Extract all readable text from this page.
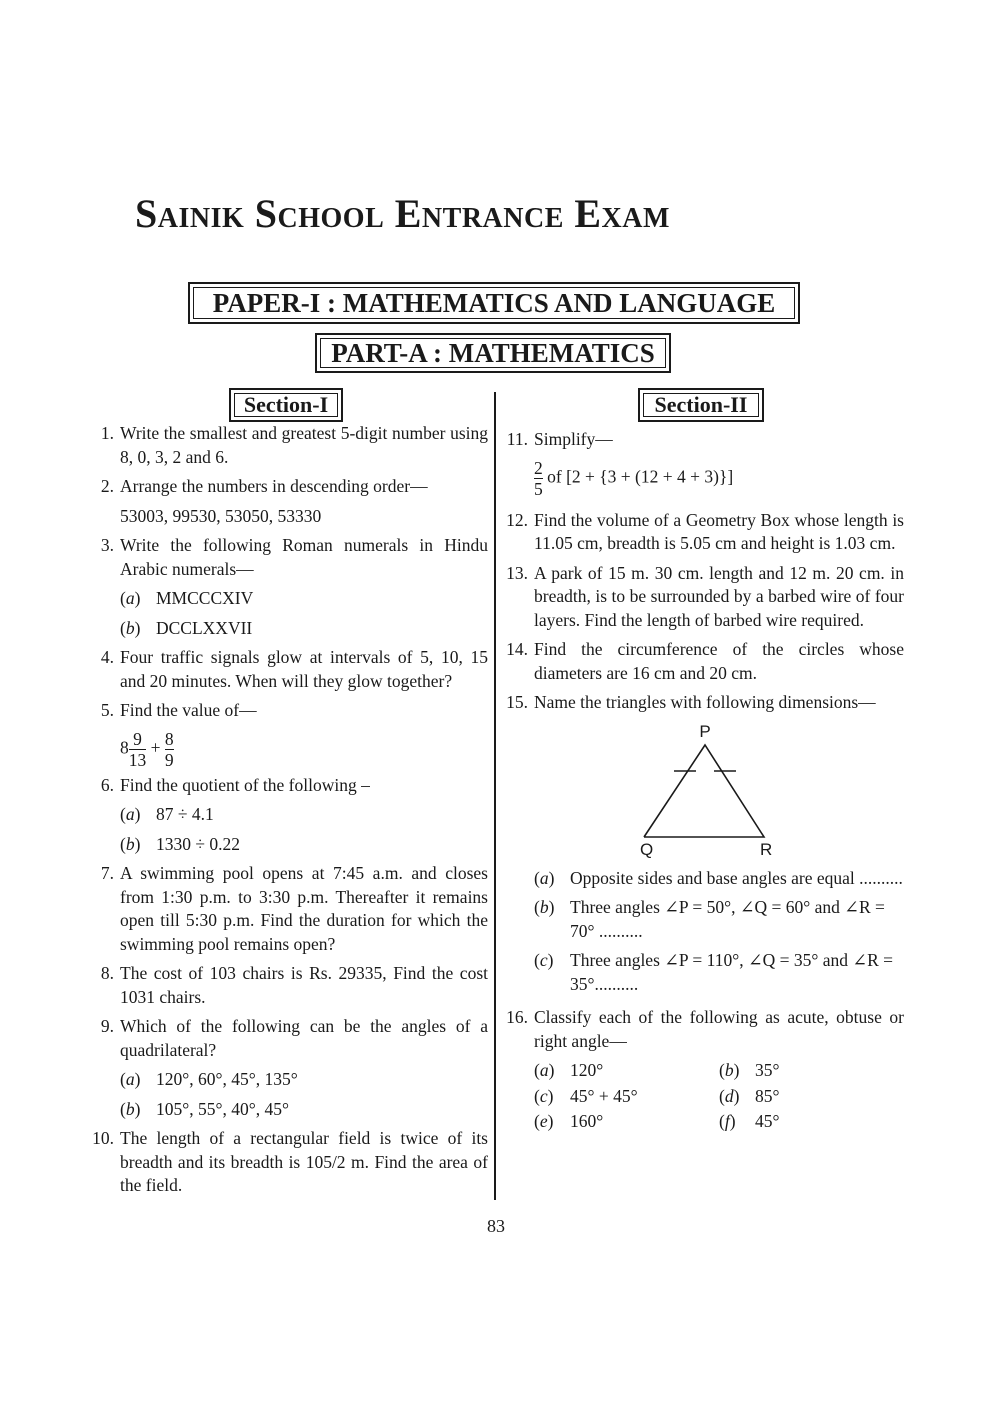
Sainik School Entrance Exam
PAPER-I : MATHEMATICS AND LANGUAGE
PART-A : MATHEMATICS
Section-I	Section-II
1. Write the smallest and greatest 5-digit number using 8, 0, 3, 2 and 6.
2. Arrange the numbers in descending order—
53003, 99530, 53050, 53330
3. Write the following Roman numerals in Hindu Arabic numerals—
( a )	MMCCCXIV
( b )	DCCLXXVII
4. Four traffic signals glow at intervals of 5, 10, 15 and 20 minutes. When will they glow together?
5. Find the value of—
$8 \frac{9}{13} + \frac{8}{9}$
6. Find the quotient of the following –
( a )	87 ÷ 4.1
( b )	1330 ÷ 0.22
7. A swimming pool opens at 7:45 a.m. and closes from 1:30 p.m. to 3:30 p.m. Thereafter it remains open till 5:30 p.m. Find the duration for which the swimming pool remains open?
8. The cost of 103 chairs is Rs. 29335, Find the cost 1031 chairs.
9. Which of the following can be the angles of a quadrilateral?
( a )	120°, 60°, 45°, 135°
( b )	105°, 55°, 40°, 45°
10. The length of a rectangular field is twice of its breadth and its breadth is 105/2 m. Find the area of the field.
11. Simplify—
$\frac{2}{5}$ of [2 + {3 + (12 + 4 + 3)}]
12. Find the volume of a Geometry Box whose length is 11.05 cm, breadth is 5.05 cm and height is 1.03 cm.
13. A park of 15 m. 30 cm. length and 12 m. 20 cm. in breadth, is to be surrounded by a barbed wire of four layers. Find the length of barbed wire required.
14. Find the circumference of the circles whose diameters are 16 cm and 20 cm.
15. Name the triangles with following dimensions—
P
Q	R
( a )	Opposite sides and base angles are equal ..........
( b )	Three angles ∠P = 50°, ∠Q = 60° and ∠R = 70° ..........
( c )	Three angles ∠P = 110°, ∠Q = 35° and ∠R = 35°..........
16. Classify each of the following as acute, obtuse or right angle—
( a )	120°	( b )	35°
( c )	45° + 45°	( d )	85°
( e )	160°	( f )	45°
83
